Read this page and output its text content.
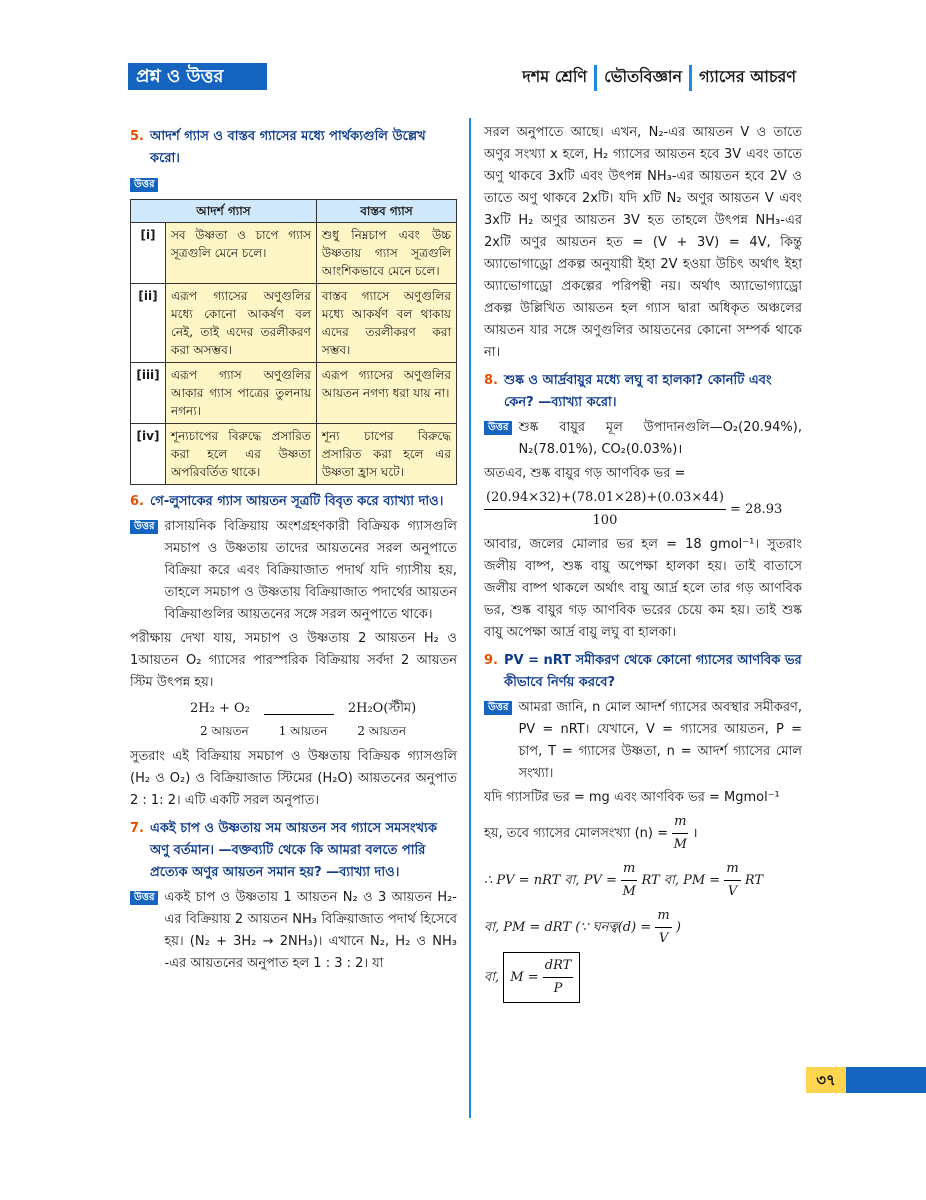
প্রশ্ন ও উত্তর	দশম শ্রেণি ভৌতবিজ্ঞান গ্যাসের আচরণ
5. আদর্শ গ্যাস ও বাস্তব গ্যাসের মধ্যে পার্থক্যগুলি উল্লেখ করো।
উত্তর
আদর্শ গ্যাস		বাস্তব গ্যাস
[i]	সব উষ্ণতা ও চাপে গ্যাস সূত্রগুলি মেনে চলে।	শুধু নিম্নচাপ এবং উচ্চ উষ্ণতায় গ্যাস সূত্রগুলি আংশিকভাবে মেনে চলে।
[ii]	এরূপ গ্যাসের অণুগুলির মধ্যে কোনো আকর্ষণ বল নেই, তাই এদের তরলীকরণ করা অসম্ভব।	বাস্তব গ্যাসে অণুগুলির মধ্যে আকর্ষণ বল থাকায় এদের তরলীকরণ করা সম্ভব।
[iii]	এরূপ গ্যাস অণুগুলির আকার গ্যাস পাত্রের তুলনায় নগন্য।	এরূপ গ্যাসের অণুগুলির আয়তন নগণ্য ধরা যায় না।
[iv]	শূন্যচাপের বিরুদ্ধে প্রসারিত করা হলে এর উষ্ণতা অপরিবর্তিত থাকে।	শূন্য চাপের বিরুদ্ধে প্রসারিত করা হলে এর উষ্ণতা হ্রাস ঘটে।
6. গে-লুসাকের গ্যাস আয়তন সূত্রটি বিবৃত করে ব্যাখ্যা দাও।
উত্তর রাসায়নিক বিক্রিয়ায় অংশগ্রহণকারী বিক্রিয়ক গ্যাসগুলি সমচাপ ও উষ্ণতায় তাদের আয়তনের সরল অনুপাতে বিক্রিয়া করে এবং বিক্রিয়াজাত পদার্থ যদি গ্যাসীয় হয়, তাহলে সমচাপ ও উষ্ণতায় বিক্রিয়াজাত পদার্থের আয়তন বিক্রিয়াগুলির আয়তনের সঙ্গে সরল অনুপাতে থাকে।
পরীক্ষায় দেখা যায়, সমচাপ ও উষ্ণতায় 2 আয়তন H₂ ও 1আয়তন O₂ গ্যাসের পারস্পরিক বিক্রিয়ায় সর্বদা 2 আয়তন স্টিম উৎপন্ন হয়।
2H₂ + O₂	2H₂O(স্টীম)
2 আয়তন	1 আয়তন	2 আয়তন
সুতরাং এই বিক্রিয়ায় সমচাপ ও উষ্ণতায় বিক্রিয়ক গ্যাসগুলি (H₂ ও O₂) ও বিক্রিয়াজাত স্টিমের (H₂O) আয়তনের অনুপাত 2 : 1: 2। এটি একটি সরল অনুপাত।
7. একই চাপ ও উষ্ণতায় সম আয়তন সব গ্যাসে সমসংখ্যক অণু বর্তমান। —বক্তব্যটি থেকে কি আমরা বলতে পারি প্রত্যেক অণুর আয়তন সমান হয়? —ব্যাখ্যা দাও।
উত্তর একই চাপ ও উষ্ণতায় 1 আয়তন N₂ ও 3 আয়তন H₂-এর বিক্রিয়ায় 2 আয়তন NH₃ বিক্রিয়াজাত পদার্থ হিসেবে হয়। (N₂ + 3H₂ → 2NH₃)। এখানে N₂, H₂ ও NH₃ -এর আয়তনের অনুপাত হল 1 : 3 : 2। যা
সরল অনুপাতে আছে। এখন, N₂-এর আয়তন V ও তাতে অণুর সংখ্যা x হলে, H₂ গ্যাসের আয়তন হবে 3V এবং তাতে অণু থাকবে 3xটি এবং উৎপন্ন NH₃-এর আয়তন হবে 2V ও তাতে অণু থাকবে 2xটি। যদি xটি N₂ অণুর আয়তন V এবং 3xটি H₂ অণুর আয়তন 3V হত তাহলে উৎপন্ন NH₃-এর 2xটি অণুর আয়তন হত = (V + 3V) = 4V, কিন্তু অ্যাভোগাড্রো প্রকল্প অনুযায়ী ইহা 2V হওয়া উচিৎ অর্থাৎ ইহা অ্যাভোগাড্রো প্রকল্পের পরিপন্থী নয়। অর্থাৎ অ্যাভোগ্যাড্রো প্রকল্প উল্লিখিত আয়তন হল গ্যাস দ্বারা অধিকৃত অঞ্চলের আয়তন যার সঙ্গে অণুগুলির আয়তনের কোনো সম্পর্ক থাকে না।
8. শুষ্ক ও আর্দ্রবায়ুর মধ্যে লঘু বা হালকা? কোনটি এবং কেন? —ব্যাখ্যা করো।
উত্তর শুষ্ক বায়ুর মূল উপাদানগুলি—O₂(20.94%), N₂(78.01%), CO₂(0.03%)।
অতএব, শুষ্ক বায়ুর গড় আণবিক ভর =
$\frac{(20.94\times 32)+(78.01\times 28)+(0.03\times 44)}{100} = 28.93$
আবার, জলের মোলার ভর হল = 18 gmol⁻¹। সুতরাং জলীয় বাষ্প, শুষ্ক বায়ু অপেক্ষা হালকা হয়। তাই বাতাসে জলীয় বাষ্প থাকলে অর্থাৎ বায়ু আর্দ্র হলে তার গড় আণবিক ভর, শুষ্ক বায়ুর গড় আণবিক ভরের চেয়ে কম হয়। তাই শুষ্ক বায়ু অপেক্ষা আর্দ্র বায়ু লঘু বা হালকা।
9. PV = nRT সমীকরণ থেকে কোনো গ্যাসের আণবিক ভর কীভাবে নির্ণয় করবে?
উত্তর আমরা জানি, n মোল আদর্শ গ্যাসের অবস্থার সমীকরণ, PV = nRT। যেখানে, V = গ্যাসের আয়তন, P = চাপ, T = গ্যাসের উষ্ণতা, n = আদর্শ গ্যাসের মোল সংখ্যা।
যদি গ্যাসটির ভর = mg এবং আণবিক ভর = Mgmol⁻¹
হয়, তবে গ্যাসের মোলসংখ্যা $(n) = \frac{m}{M}$ ।
∴ PV = nRT বা, PV = $\frac{m}{M}$ RT বা, PM = $\frac{m}{V}$ RT
বা, PM = dRT (∵ ঘনত্ব(d) = $\frac{m}{V}$ )
বা, $M = \frac{\text{dRT}}{P}$
৩৭
